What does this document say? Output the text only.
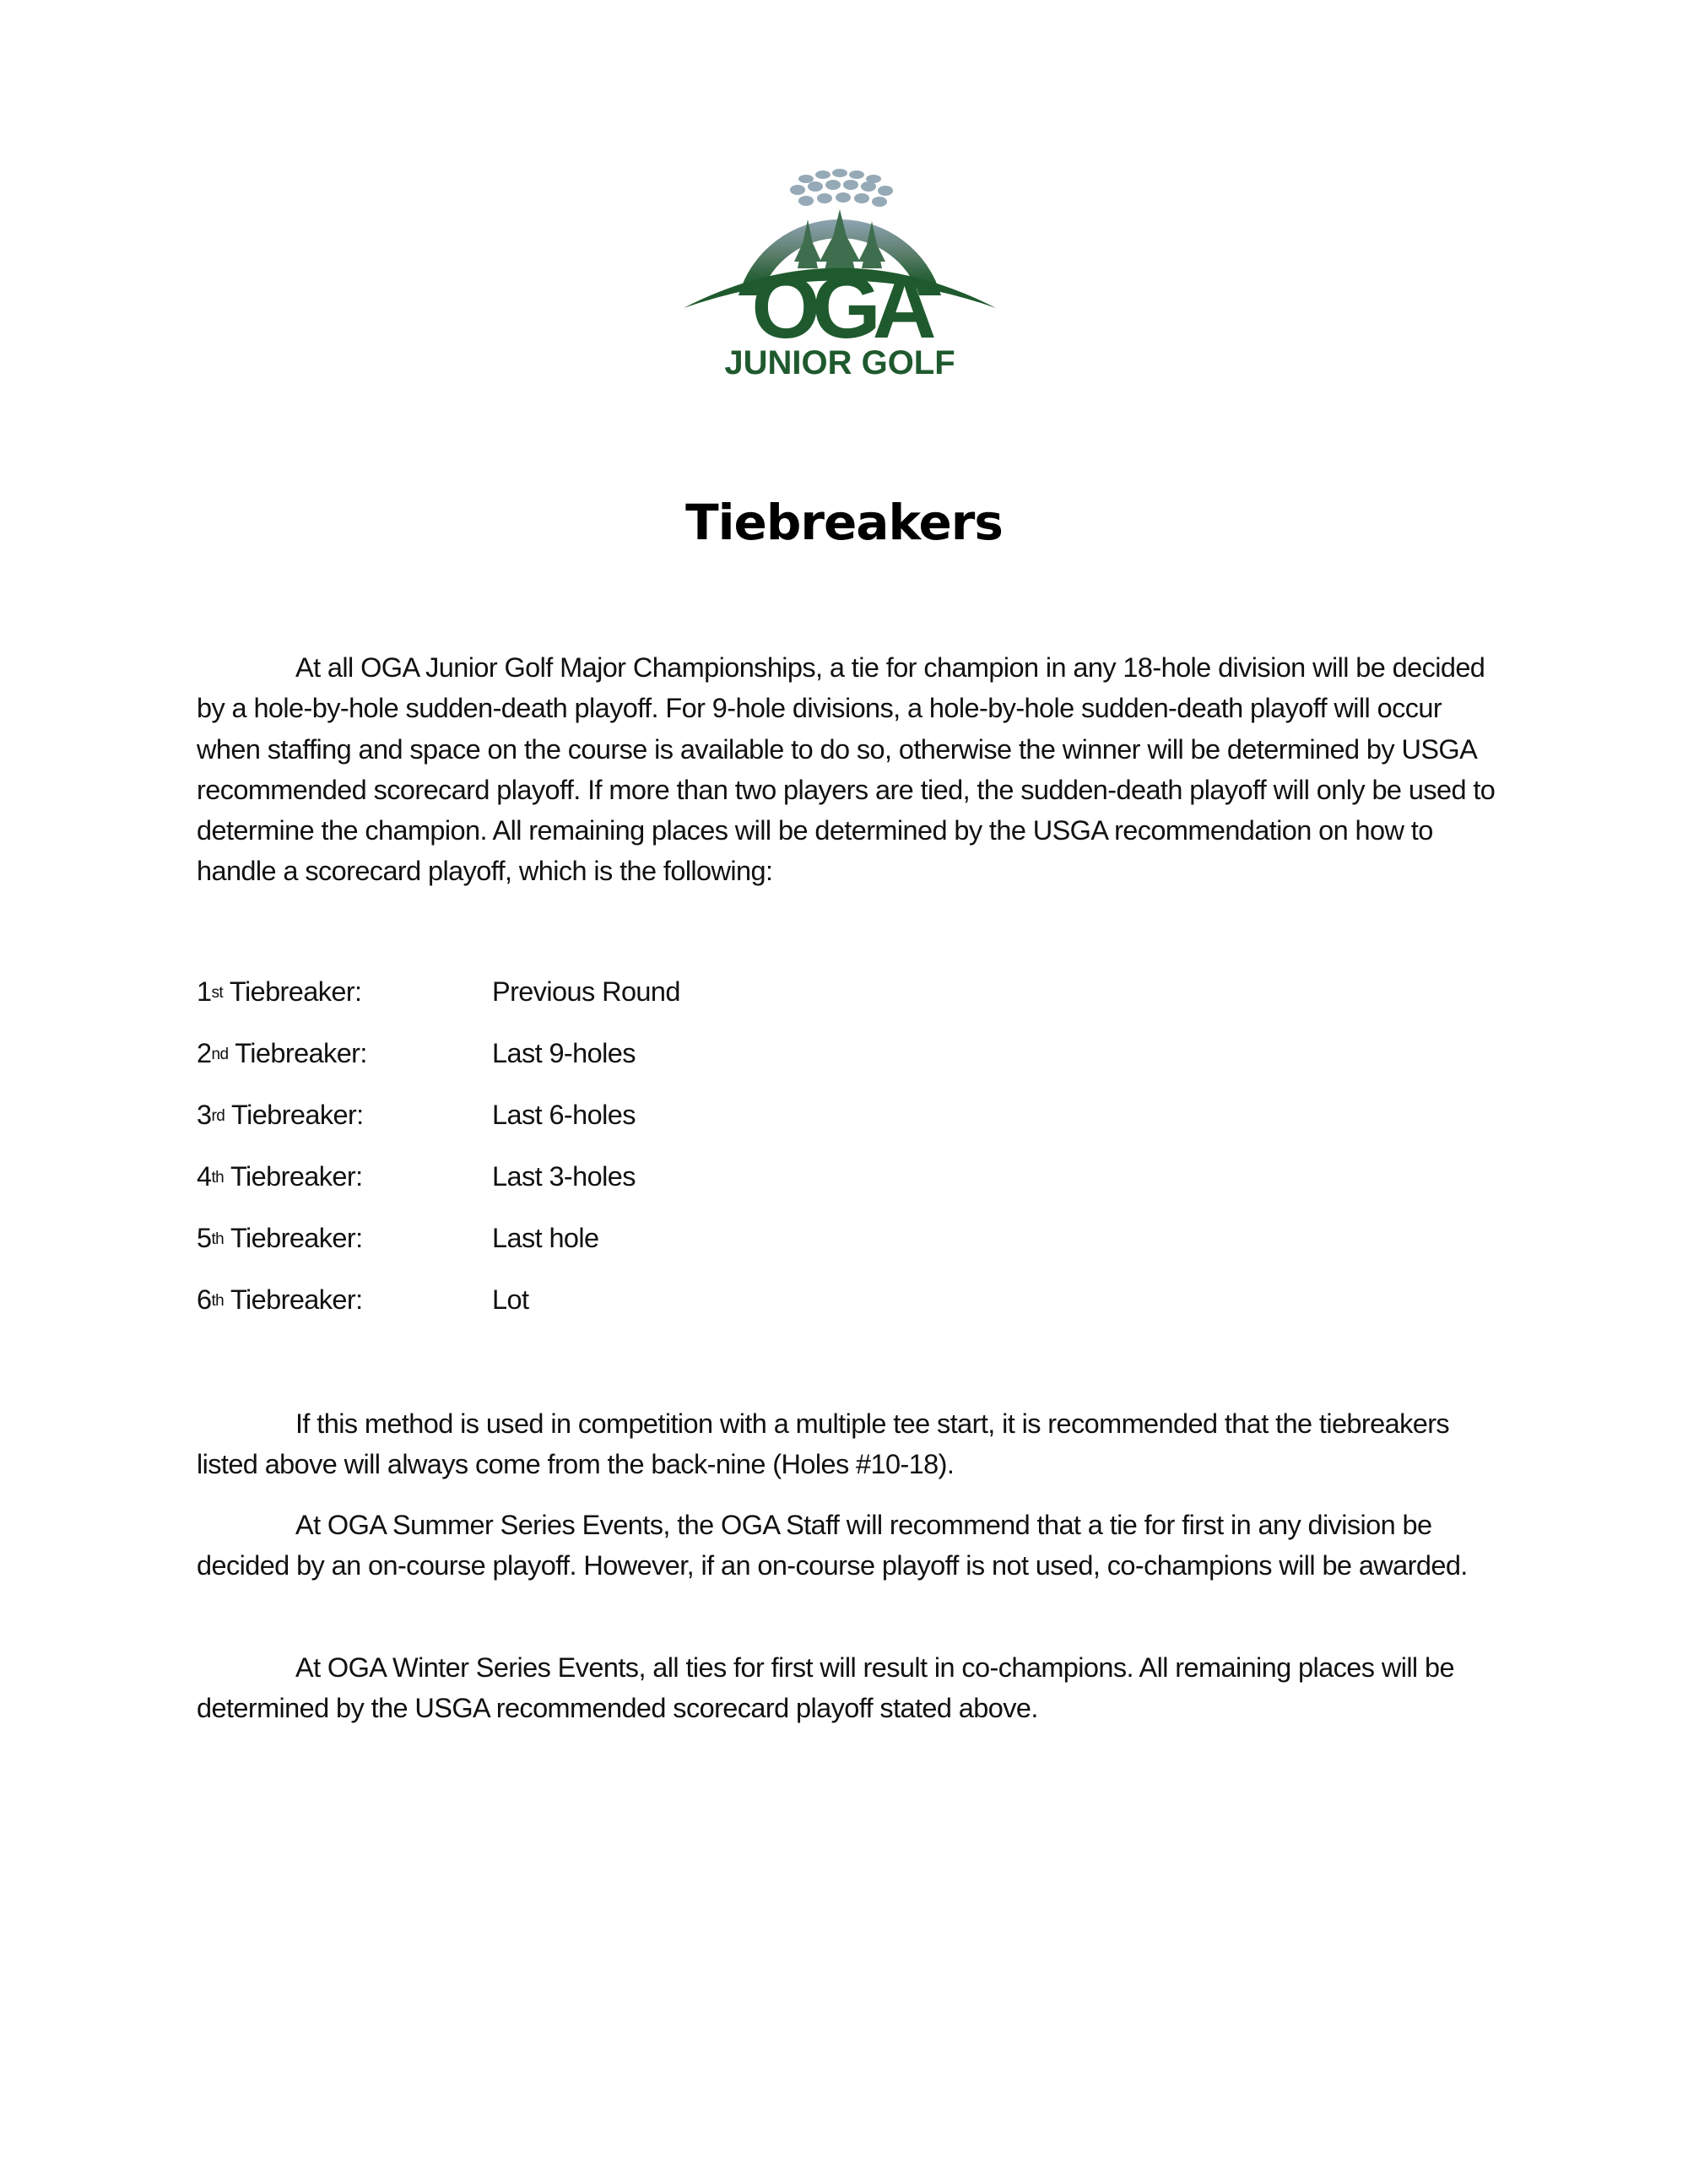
OGA
JUNIOR GOLF
Tiebreakers

At all OGA Junior Golf Major Championships, a tie for champion in any 18-hole division will be decided by a hole-by-hole sudden-death playoff. For 9-hole divisions, a hole-by-hole sudden-death playoff will occur when staffing and space on the course is available to do so, otherwise the winner will be determined by USGA recommended scorecard playoff. If more than two players are tied, the sudden-death playoff will only be used to determine the champion. All remaining places will be determined by the USGA recommendation on how to handle a scorecard playoff, which is the following:

1st Tiebreaker:	Previous Round
2nd Tiebreaker:	Last 9-holes
3rd Tiebreaker:	Last 6-holes
4th Tiebreaker:	Last 3-holes
5th Tiebreaker:	Last hole
6th Tiebreaker:	Lot

If this method is used in competition with a multiple tee start, it is recommended that the tiebreakers listed above will always come from the back-nine (Holes #10-18).

At OGA Summer Series Events, the OGA Staff will recommend that a tie for first in any division be decided by an on-course playoff. However, if an on-course playoff is not used, co-champions will be awarded.

At OGA Winter Series Events, all ties for first will result in co-champions. All remaining places will be determined by the USGA recommended scorecard playoff stated above.
